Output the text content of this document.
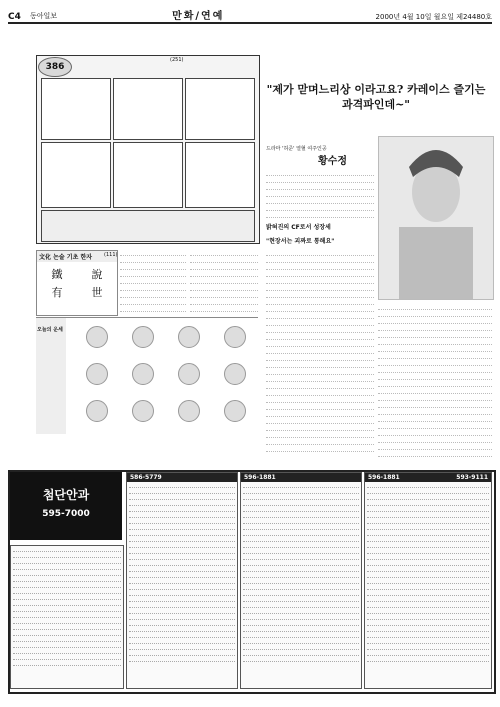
C4 동아일보	만화/연예	2000년 4월 10일 월요일 제24480호
386
(251)
文化 논술 기초 한자
鐵	說
有	世
(111)
오늘의 운세
"제가 맏며느리상 이라고요? 카레이스 즐기는 과격파인데~"
드라마 '허준' 열혈 여주인공
황수정
밝혀진의 CF로서 성장세
"현장서는 괴짜로 통해요"
첨단안과
595-7000
586-5779	596-1881	596-1881	593-9111
